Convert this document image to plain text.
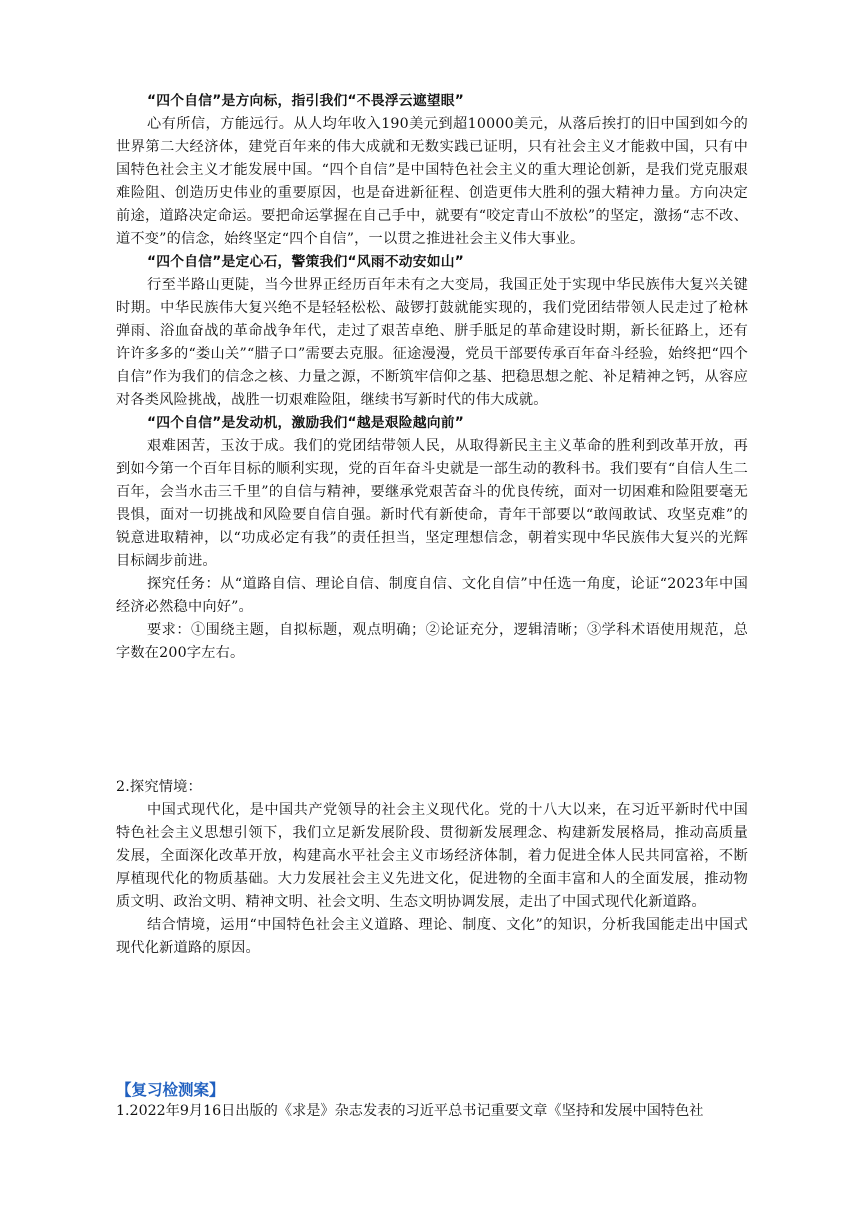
“四个自信”是方向标，指引我们“不畏浮云遮望眼”

心有所信，方能远行。从人均年收入190美元到超10000美元，从落后挨打的旧中国到如今的世界第二大经济体，建党百年来的伟大成就和无数实践已证明，只有社会主义才能救中国，只有中国特色社会主义才能发展中国。“四个自信”是中国特色社会主义的重大理论创新，是我们党克服艰难险阻、创造历史伟业的重要原因，也是奋进新征程、创造更伟大胜利的强大精神力量。方向决定前途，道路决定命运。要把命运掌握在自己手中，就要有“咬定青山不放松”的坚定，激扬“志不改、道不变”的信念，始终坚定“四个自信”，一以贯之推进社会主义伟大事业。

“四个自信”是定心石，警策我们“风雨不动安如山”

行至半路山更陡，当今世界正经历百年未有之大变局，我国正处于实现中华民族伟大复兴关键时期。中华民族伟大复兴绝不是轻轻松松、敲锣打鼓就能实现的，我们党团结带领人民走过了枪林弹雨、浴血奋战的革命战争年代，走过了艰苦卓绝、胼手胝足的革命建设时期，新长征路上，还有许许多多的“娄山关”“腊子口”需要去克服。征途漫漫，党员干部要传承百年奋斗经验，始终把“四个自信”作为我们的信念之核、力量之源，不断筑牢信仰之基、把稳思想之舵、补足精神之钙，从容应对各类风险挑战，战胜一切艰难险阻，继续书写新时代的伟大成就。

“四个自信”是发动机，激励我们“越是艰险越向前”

艰难困苦，玉汝于成。我们的党团结带领人民，从取得新民主主义革命的胜利到改革开放，再到如今第一个百年目标的顺利实现，党的百年奋斗史就是一部生动的教科书。我们要有“自信人生二百年，会当水击三千里”的自信与精神，要继承党艰苦奋斗的优良传统，面对一切困难和险阻要毫无畏惧，面对一切挑战和风险要自信自强。新时代有新使命，青年干部要以“敢闯敢试、攻坚克难”的锐意进取精神，以“功成必定有我”的责任担当，坚定理想信念，朝着实现中华民族伟大复兴的光辉目标阔步前进。

探究任务：从“道路自信、理论自信、制度自信、文化自信”中任选一角度，论证“2023年中国经济必然稳中向好”。

要求：①围绕主题，自拟标题，观点明确；②论证充分，逻辑清晰；③学科术语使用规范，总字数在200字左右。

2.探究情境：

中国式现代化，是中国共产党领导的社会主义现代化。党的十八大以来，在习近平新时代中国特色社会主义思想引领下，我们立足新发展阶段、贯彻新发展理念、构建新发展格局，推动高质量发展，全面深化改革开放，构建高水平社会主义市场经济体制，着力促进全体人民共同富裕，不断厚植现代化的物质基础。大力发展社会主义先进文化，促进物的全面丰富和人的全面发展，推动物质文明、政治文明、精神文明、社会文明、生态文明协调发展，走出了中国式现代化新道路。

结合情境，运用“中国特色社会主义道路、理论、制度、文化”的知识，分析我国能走出中国式现代化新道路的原因。

【复习检测案】

1.2022年9月16日出版的《求是》杂志发表的习近平总书记重要文章《坚持和发展中国特色社
